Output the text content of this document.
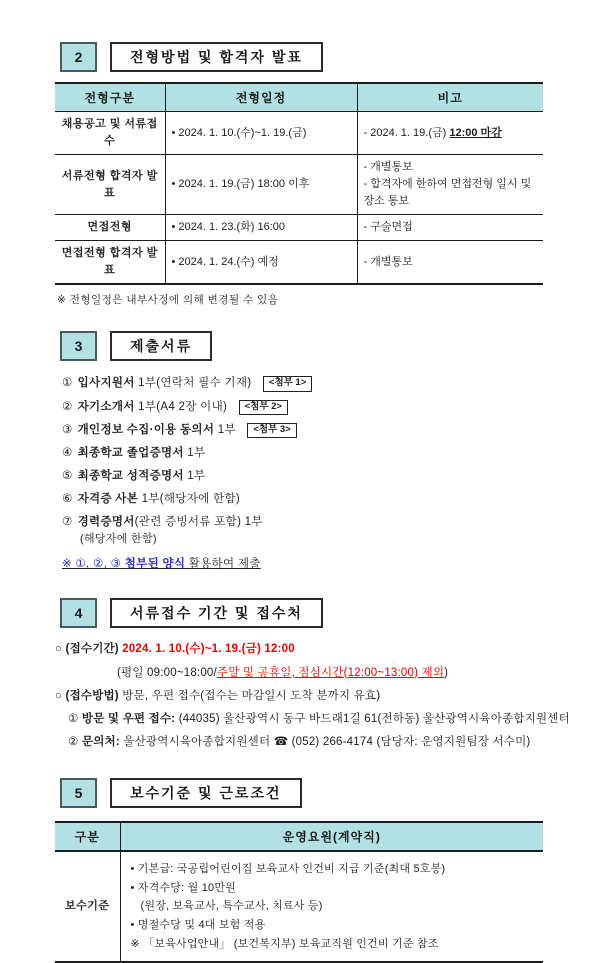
2	전형방법 및 합격자 발표
전형구분	전형일정	비고
채용공고 및 서류접수	• 2024. 1. 10.(수)~1. 19.(금)	- 2024. 1. 19.(금) 12:00 마감
서류전형 합격자 발표	• 2024. 1. 19.(금) 18:00 이후	- 개별통보
- 합격자에 한하여 면접전형 일시 및 장소 통보

면접전형	• 2024. 1. 23.(화) 16:00	- 구술면접
면접전형 합격자 발표	• 2024. 1. 24.(수) 예정	- 개별통보
※ 전형일정은 내부사정에 의해 변경될 수 있음
3	제출서류
① 입사지원서 1부(연락처 필수 기재) <첨부 1>
② 자기소개서 1부(A4 2장 이내) <첨부 2>
③ 개인정보 수집·이용 동의서 1부 <첨부 3>
④ 최종학교 졸업증명서 1부
⑤ 최종학교 성적증명서 1부
⑥ 자격증 사본 1부(해당자에 한함)
⑦ 경력증명서(관련 증빙서류 포함) 1부
(해당자에 한함)
※ ①, ②, ③ 첨부된 양식 활용하여 제출
4	서류접수 기간 및 접수처
○ (접수기간) 2024. 1. 10.(수)~1. 19.(금) 12:00
(평일 09:00~18:00/주말 및 공휴일, 점심시간(12:00~13:00) 제외)
○ (접수방법) 방문, 우편 접수(접수는 마감일시 도착 분까지 유효)
① 방문 및 우편 접수: (44035) 울산광역시 동구 바드래1길 61(전하동) 울산광역시육아종합지원센터
② 문의처: 울산광역시육아종합지원센터 ☎ (052) 266-4174 (담당자: 운영지원팀장 서수미)
5	보수기준 및 근로조건
구분	운영요원(계약직)
보수기준	• 기본급: 국공립어린이집 보육교사 인건비 지급 기준(최대 5호봉)
• 자격수당: 월 10만원
(원장, 보육교사, 특수교사, 치료사 등)
• 명절수당 및 4대 보험 적용
※ 「보육사업안내」 (보건복지부) 보육교직원 인건비 기준 참조
